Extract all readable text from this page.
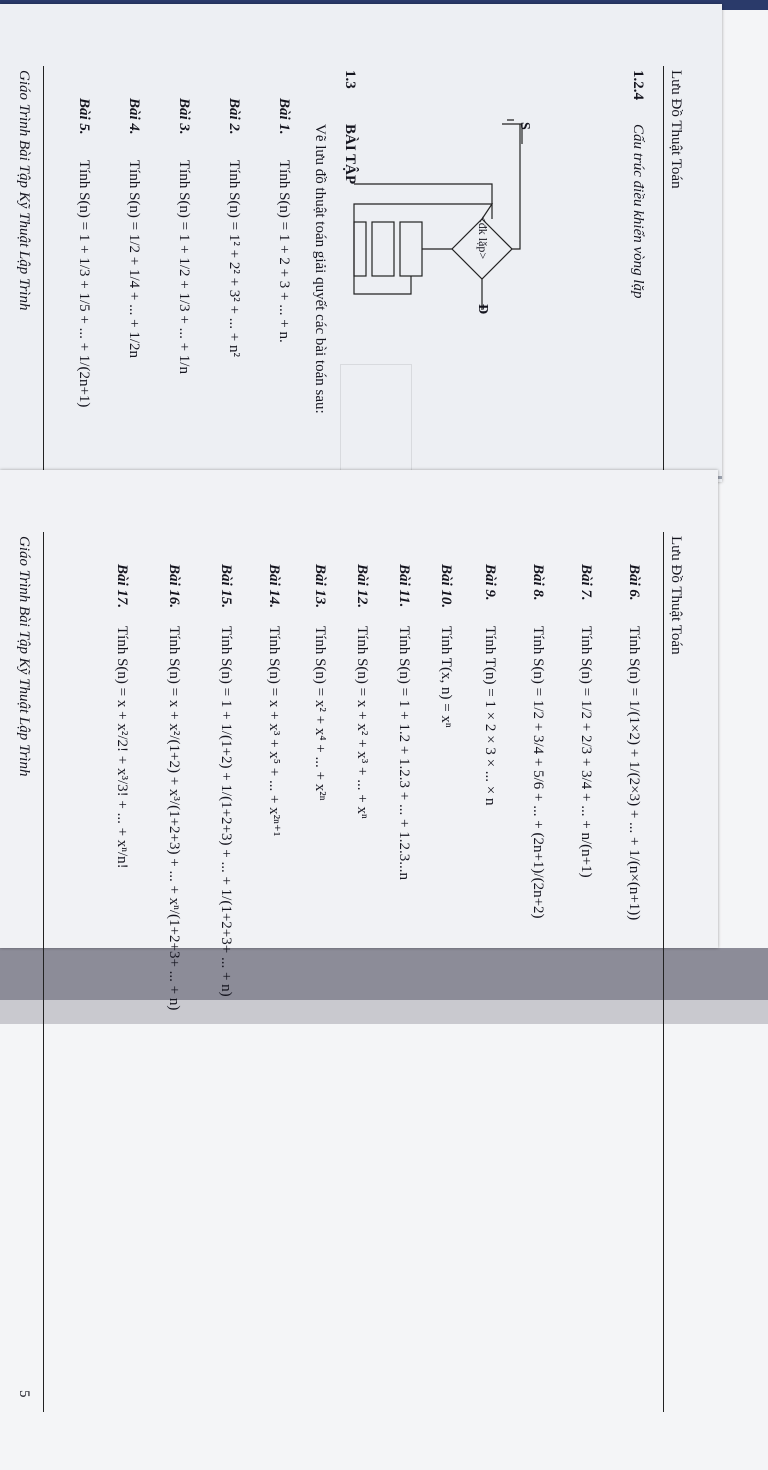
Lưu Đồ Thuật Toán
1.2.4
Cấu trúc điều khiển vòng lặp
S
<đk lặp>
Đ
1.3
BÀI TẬP
Vẽ lưu đồ thuật toán giải quyết các bài toán sau:
Bài 1.Tính S(n) = 1 + 2 + 3 + ... + n.
Bài 2.Tính S(n) = 1² + 2² + 3² + ... + n²
Bài 3.Tính S(n) = 1 + 1/2 + 1/3 + ... + 1/n
Bài 4.Tính S(n) = 1/2 + 1/4 + ... + 1/2n
Bài 5.Tính S(n) = 1 + 1/3 + 1/5 + ... + 1/(2n+1)
Giáo Trình Bài Tập Kỹ Thuật Lập Trình
Lưu Đồ Thuật Toán
Bài 6.Tính S(n) = 1/(1×2) + 1/(2×3) + ... + 1/(n×(n+1))
Bài 7.Tính S(n) = 1/2 + 2/3 + 3/4 + ... + n/(n+1)
Bài 8.Tính S(n) = 1/2 + 3/4 + 5/6 + ... + (2n+1)/(2n+2)
Bài 9.Tính T(n) = 1 × 2 × 3 × ... × n
Bài 10.Tính T(x, n) = xⁿ
Bài 11.Tính S(n) = 1 + 1.2 + 1.2.3 + ... + 1.2.3...n
Bài 12.Tính S(n) = x + x² + x³ + ... + xⁿ
Bài 13.Tính S(n) = x² + x⁴ + ... + x²ⁿ
Bài 14.Tính S(n) = x + x³ + x⁵ + ... + x²ⁿ⁺¹
Bài 15.Tính S(n) = 1 + 1/(1+2) + 1/(1+2+3) + ... + 1/(1+2+3+ ... + n)
Bài 16.Tính S(n) = x + x²/(1+2) + x³/(1+2+3) + ... + xⁿ/(1+2+3+ ... + n)
Bài 17.Tính S(n) = x + x²/2! + x³/3! + ... + xⁿ/n!
Giáo Trình Bài Tập Kỹ Thuật Lập Trình
5
